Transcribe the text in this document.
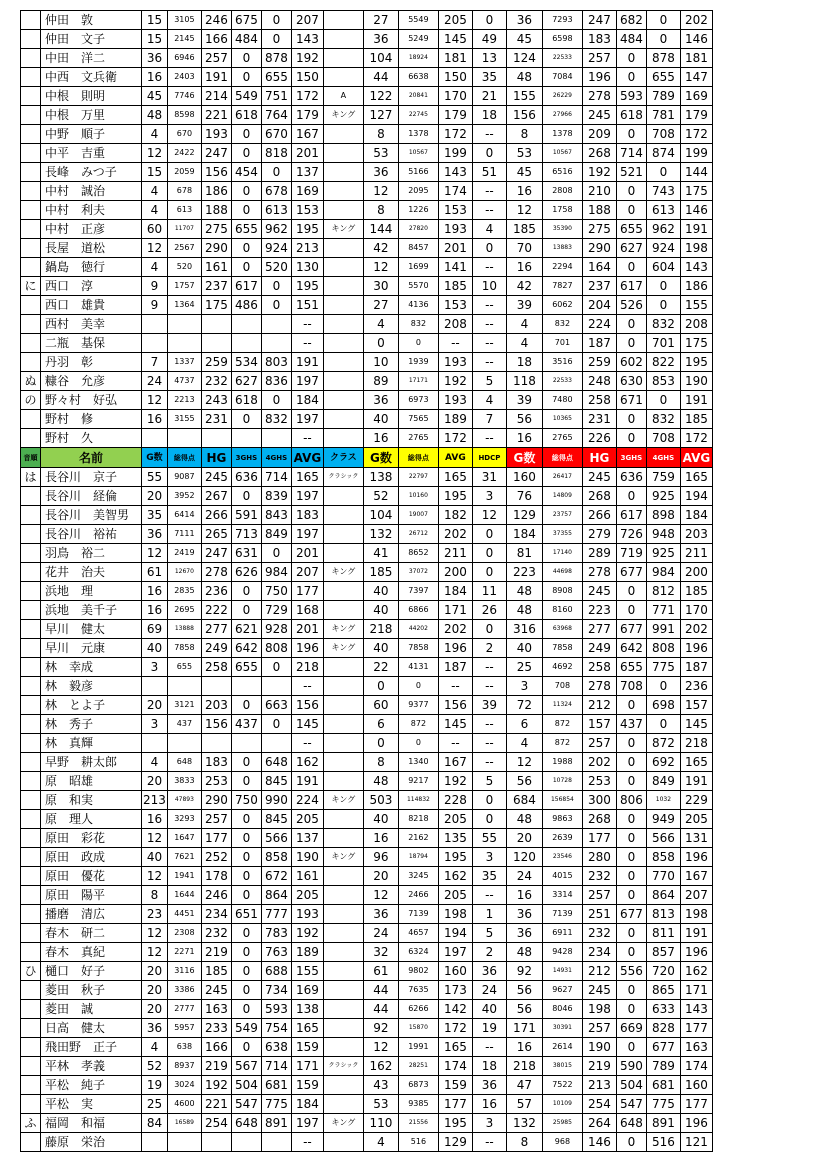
	仲田　敦	15	3105	246	675	0	207		27	5549	205	0	36	7293	247	682	0	202
	仲田　文子	15	2145	166	484	0	143		36	5249	145	49	45	6598	183	484	0	146
	中田　洋二	36	6946	257	0	878	192		104	18924	181	13	124	22533	257	0	878	181
	中西　文兵衛	16	2403	191	0	655	150		44	6638	150	35	48	7084	196	0	655	147
	中根　則明	45	7746	214	549	751	172	A	122	20841	170	21	155	26229	278	593	789	169
	中根　万里	48	8598	221	618	764	179	キング	127	22745	179	18	156	27966	245	618	781	179
	中野　順子	4	670	193	0	670	167		8	1378	172	--	8	1378	209	0	708	172
	中平　吉重	12	2422	247	0	818	201		53	10567	199	0	53	10567	268	714	874	199
	長峰　みつ子	15	2059	156	454	0	137		36	5166	143	51	45	6516	192	521	0	144
	中村　誠治	4	678	186	0	678	169		12	2095	174	--	16	2808	210	0	743	175
	中村　利夫	4	613	188	0	613	153		8	1226	153	--	12	1758	188	0	613	146
	中村　正彦	60	11707	275	655	962	195	キング	144	27820	193	4	185	35390	275	655	962	191
	長屋　道松	12	2567	290	0	924	213		42	8457	201	0	70	13883	290	627	924	198
	鍋島　徳行	4	520	161	0	520	130		12	1699	141	--	16	2294	164	0	604	143
に	西口　淳	9	1757	237	617	0	195		30	5570	185	10	42	7827	237	617	0	186
	西口　雄貴	9	1364	175	486	0	151		27	4136	153	--	39	6062	204	526	0	155
	西村　美幸						--		4	832	208	--	4	832	224	0	832	208
	二瓶　基保						--		0	0	--	--	4	701	187	0	701	175
	丹羽　彰	7	1337	259	534	803	191		10	1939	193	--	18	3516	259	602	822	195
ぬ	糠谷　允彦	24	4737	232	627	836	197		89	17171	192	5	118	22533	248	630	853	190
の	野々村　好弘	12	2213	243	618	0	184		36	6973	193	4	39	7480	258	671	0	191
	野村　修	16	3155	231	0	832	197		40	7565	189	7	56	10365	231	0	832	185
	野村　久						--		16	2765	172	--	16	2765	226	0	708	172
音順	名前	G数	総得点	HG	3GHS	4GHS	AVG	クラス	G数	総得点	AVG	HDCP	G数	総得点	HG	3GHS	4GHS	AVG
は	長谷川　京子	55	9087	245	636	714	165	クラシック	138	22797	165	31	160	26417	245	636	759	165
	長谷川　経倫	20	3952	267	0	839	197		52	10160	195	3	76	14809	268	0	925	194
	長谷川　美智男	35	6414	266	591	843	183		104	19007	182	12	129	23757	266	617	898	184
	長谷川　裕祐	36	7111	265	713	849	197		132	26712	202	0	184	37355	279	726	948	203
	羽鳥　裕二	12	2419	247	631	0	201		41	8652	211	0	81	17140	289	719	925	211
	花井　治夫	61	12670	278	626	984	207	キング	185	37072	200	0	223	44698	278	677	984	200
	浜地　理	16	2835	236	0	750	177		40	7397	184	11	48	8908	245	0	812	185
	浜地　美千子	16	2695	222	0	729	168		40	6866	171	26	48	8160	223	0	771	170
	早川　健太	69	13888	277	621	928	201	キング	218	44202	202	0	316	63968	277	677	991	202
	早川　元康	40	7858	249	642	808	196	キング	40	7858	196	2	40	7858	249	642	808	196
	林　幸成	3	655	258	655	0	218		22	4131	187	--	25	4692	258	655	775	187
	林　毅彦						--		0	0	--	--	3	708	278	708	0	236
	林　とよ子	20	3121	203	0	663	156		60	9377	156	39	72	11324	212	0	698	157
	林　秀子	3	437	156	437	0	145		6	872	145	--	6	872	157	437	0	145
	林　真輝						--		0	0	--	--	4	872	257	0	872	218
	早野　耕太郎	4	648	183	0	648	162		8	1340	167	--	12	1988	202	0	692	165
	原　昭雄	20	3833	253	0	845	191		48	9217	192	5	56	10728	253	0	849	191
	原　和実	213	47893	290	750	990	224	キング	503	114832	228	0	684	156854	300	806	1032	229
	原　理人	16	3293	257	0	845	205		40	8218	205	0	48	9863	268	0	949	205
	原田　彩花	12	1647	177	0	566	137		16	2162	135	55	20	2639	177	0	566	131
	原田　政成	40	7621	252	0	858	190	キング	96	18794	195	3	120	23546	280	0	858	196
	原田　優花	12	1941	178	0	672	161		20	3245	162	35	24	4015	232	0	770	167
	原田　陽平	8	1644	246	0	864	205		12	2466	205	--	16	3314	257	0	864	207
	播磨　清広	23	4451	234	651	777	193		36	7139	198	1	36	7139	251	677	813	198
	春木　研二	12	2308	232	0	783	192		24	4657	194	5	36	6911	232	0	811	191
	春木　真紀	12	2271	219	0	763	189		32	6324	197	2	48	9428	234	0	857	196
ひ	樋口　好子	20	3116	185	0	688	155		61	9802	160	36	92	14931	212	556	720	162
	菱田　秋子	20	3386	245	0	734	169		44	7635	173	24	56	9627	245	0	865	171
	菱田　誠	20	2777	163	0	593	138		44	6266	142	40	56	8046	198	0	633	143
	日高　健太	36	5957	233	549	754	165		92	15870	172	19	171	30391	257	669	828	177
	飛田野　正子	4	638	166	0	638	159		12	1991	165	--	16	2614	190	0	677	163
	平林　孝義	52	8937	219	567	714	171	クラシック	162	28251	174	18	218	38015	219	590	789	174
	平松　純子	19	3024	192	504	681	159		43	6873	159	36	47	7522	213	504	681	160
	平松　実	25	4600	221	547	775	184		53	9385	177	16	57	10109	254	547	775	177
ふ	福岡　和福	84	16589	254	648	891	197	キング	110	21556	195	3	132	25985	264	648	891	196
	藤原　栄治						--		4	516	129	--	8	968	146	0	516	121
